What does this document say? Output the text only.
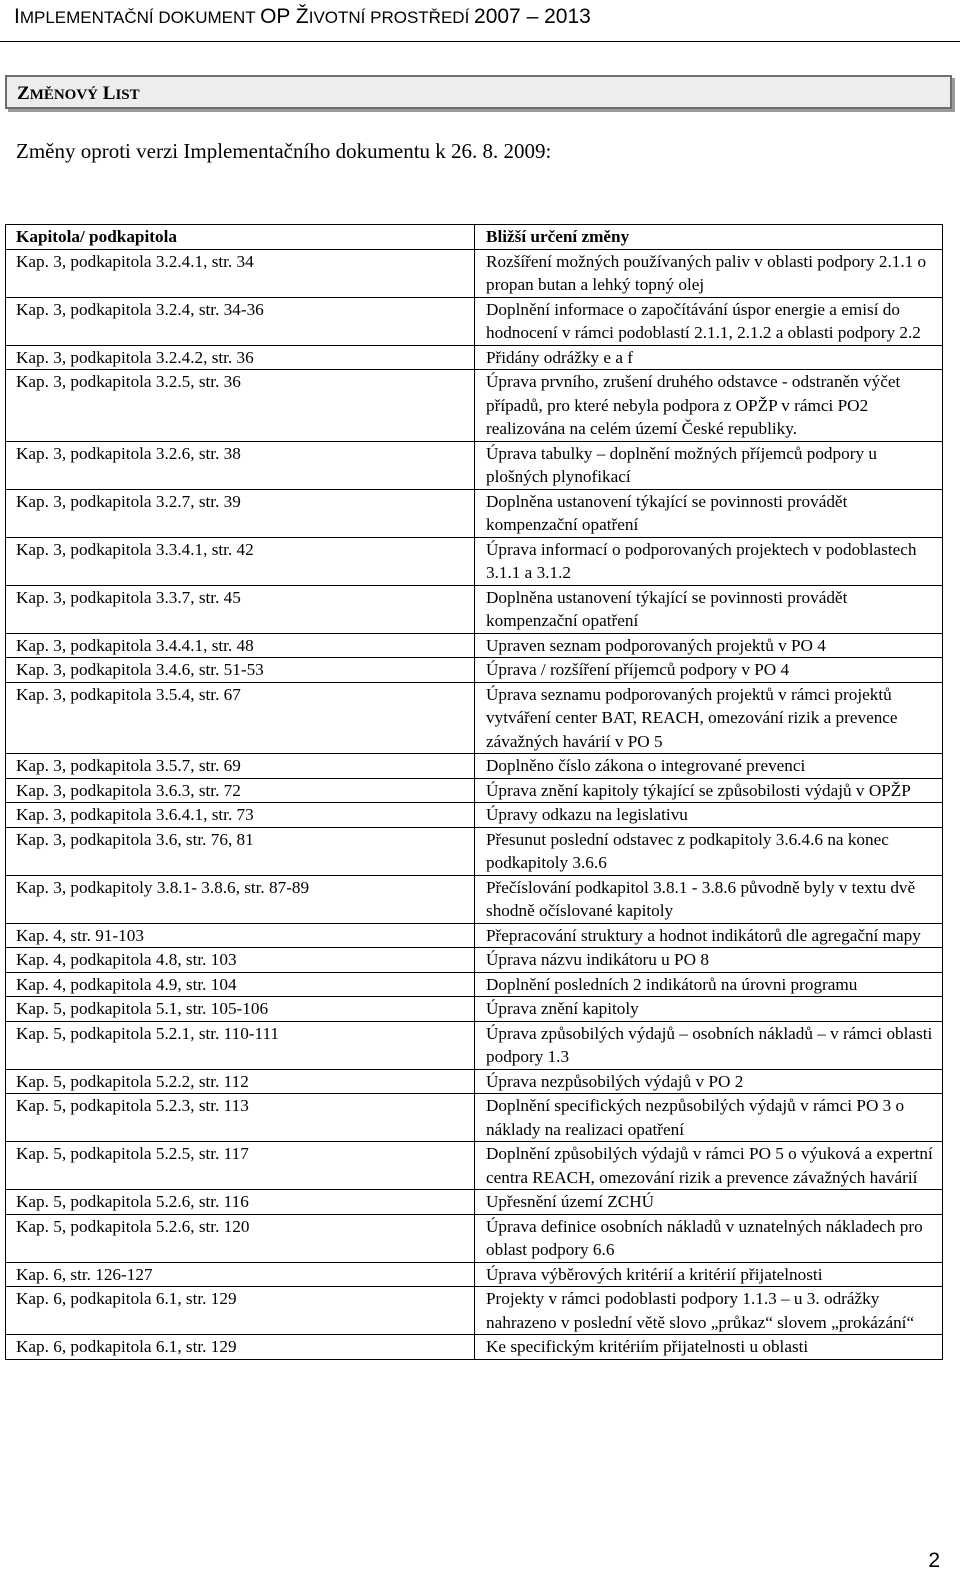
IMPLEMENTAČNÍ DOKUMENT OP ŽIVOTNÍ PROSTŘEDÍ 2007 – 2013
ZMĚNOVÝ LIST
Změny oproti verzi Implementačního dokumentu k 26. 8. 2009:
Kapitola/ podkapitola	Bližší určení změny
Kap. 3, podkapitola 3.2.4.1, str. 34	Rozšíření možných používaných paliv v oblasti podpory 2.1.1 o propan butan a lehký topný olej
Kap. 3, podkapitola 3.2.4, str. 34-36	Doplnění informace o započítávání úspor energie a emisí do hodnocení v rámci podoblastí 2.1.1, 2.1.2 a oblasti podpory 2.2
Kap. 3, podkapitola 3.2.4.2, str. 36	Přidány odrážky e a f
Kap. 3, podkapitola 3.2.5, str. 36	Úprava prvního, zrušení druhého odstavce - odstraněn výčet případů, pro které nebyla podpora z OPŽP v rámci PO2 realizována na celém území České republiky.
Kap. 3, podkapitola 3.2.6, str. 38	Úprava tabulky – doplnění možných příjemců podpory u plošných plynofikací
Kap. 3, podkapitola 3.2.7, str. 39	Doplněna ustanovení týkající se povinnosti provádět kompenzační opatření
Kap. 3, podkapitola 3.3.4.1, str. 42	Úprava informací o podporovaných projektech v podoblastech 3.1.1 a 3.1.2
Kap. 3, podkapitola 3.3.7, str. 45	Doplněna ustanovení týkající se povinnosti provádět kompenzační opatření
Kap. 3, podkapitola 3.4.4.1, str. 48	Upraven seznam podporovaných projektů v PO 4
Kap. 3, podkapitola 3.4.6, str. 51-53	Úprava / rozšíření příjemců podpory v PO 4
Kap. 3, podkapitola 3.5.4, str. 67	Úprava seznamu podporovaných projektů v rámci projektů vytváření center BAT, REACH, omezování rizik a prevence závažných havárií v PO 5
Kap. 3, podkapitola 3.5.7, str. 69	Doplněno číslo zákona o integrované prevenci
Kap. 3, podkapitola 3.6.3, str. 72	Úprava znění kapitoly týkající se způsobilosti výdajů v OPŽP
Kap. 3, podkapitola 3.6.4.1, str. 73	Úpravy odkazu na legislativu
Kap. 3, podkapitola 3.6, str. 76, 81	Přesunut poslední odstavec z podkapitoly 3.6.4.6 na konec podkapitoly 3.6.6
Kap. 3, podkapitoly 3.8.1- 3.8.6, str. 87-89	Přečíslování podkapitol 3.8.1 - 3.8.6 původně byly v textu dvě shodně očíslované kapitoly
Kap. 4, str. 91-103	Přepracování struktury a hodnot indikátorů dle agregační mapy
Kap. 4, podkapitola 4.8, str. 103	Úprava názvu indikátoru u PO 8
Kap. 4, podkapitola 4.9, str. 104	Doplnění posledních 2 indikátorů na úrovni programu
Kap. 5, podkapitola 5.1, str. 105-106	Úprava znění kapitoly
Kap. 5, podkapitola 5.2.1, str. 110-111	Úprava způsobilých výdajů – osobních nákladů – v rámci oblasti podpory 1.3
Kap. 5, podkapitola 5.2.2, str. 112	Úprava nezpůsobilých výdajů v PO 2
Kap. 5, podkapitola 5.2.3, str. 113	Doplnění specifických nezpůsobilých výdajů v rámci PO 3 o náklady na realizaci opatření
Kap. 5, podkapitola 5.2.5, str. 117	Doplnění způsobilých výdajů v rámci PO 5 o výuková a expertní centra REACH, omezování rizik a prevence závažných havárií
Kap. 5, podkapitola 5.2.6, str. 116	Upřesnění území ZCHÚ
Kap. 5, podkapitola 5.2.6, str. 120	Úprava definice osobních nákladů v uznatelných nákladech pro oblast podpory 6.6
Kap. 6, str. 126-127	Úprava výběrových kritérií a kritérií přijatelnosti
Kap. 6, podkapitola 6.1, str. 129	Projekty v rámci podoblasti podpory 1.1.3 – u 3. odrážky nahrazeno v poslední větě slovo „průkaz“ slovem „prokázání“
Kap. 6, podkapitola 6.1, str. 129	Ke specifickým kritériím přijatelnosti u oblasti
2
